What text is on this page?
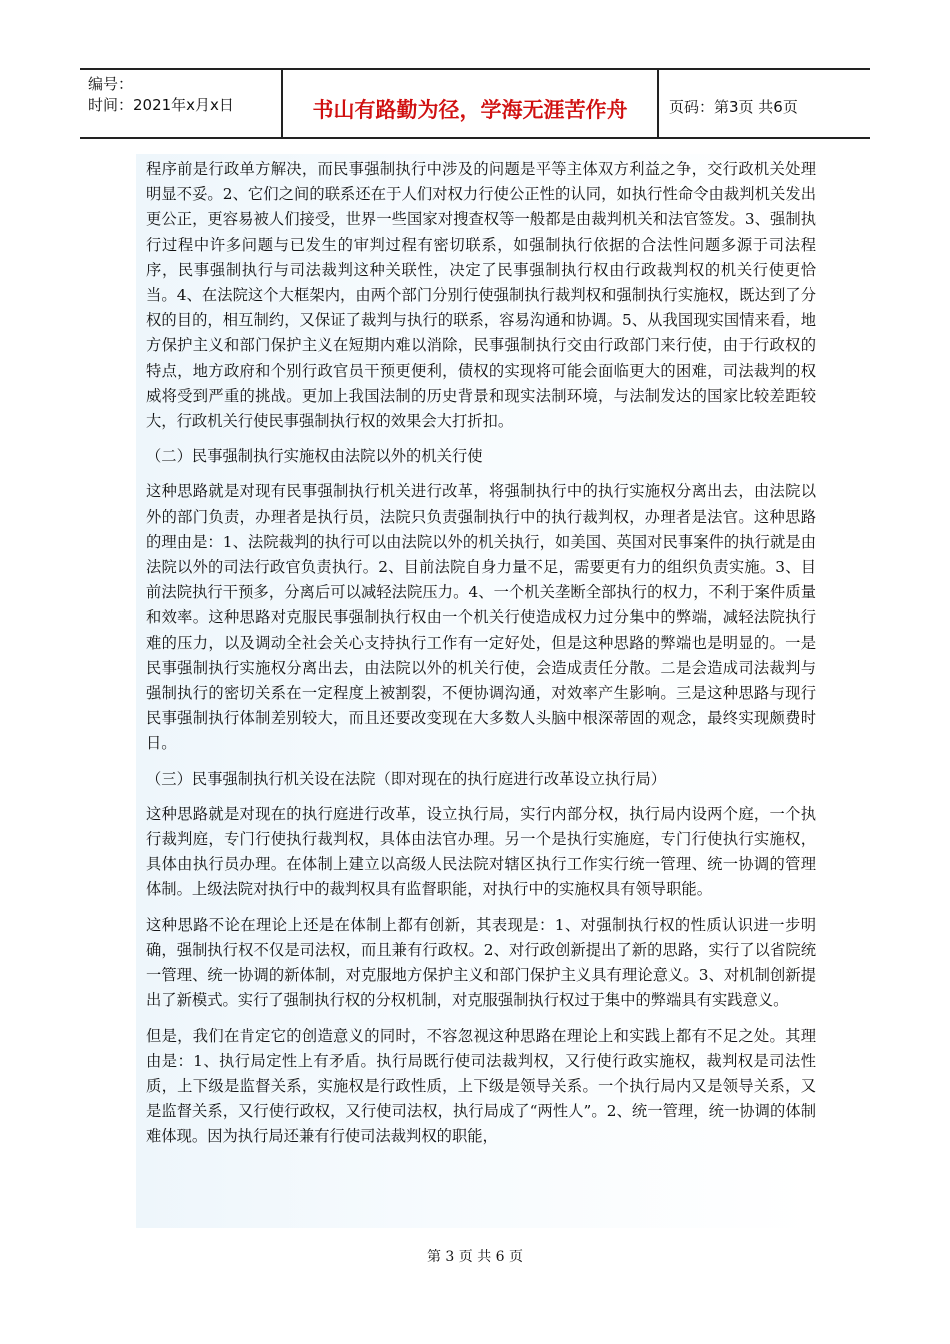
编号：
时间：2021年x月x日	书山有路勤为径，学海无涯苦作舟	页码：第3页 共6页

程序前是行政单方解决，而民事强制执行中涉及的问题是平等主体双方利益之争，交行政机关处理明显不妥。2、它们之间的联系还在于人们对权力行使公正性的认同，如执行性命令由裁判机关发出更公正，更容易被人们接受，世界一些国家对搜查权等一般都是由裁判机关和法官签发。3、强制执行过程中许多问题与已发生的审判过程有密切联系，如强制执行依据的合法性问题多源于司法程序，民事强制执行与司法裁判这种关联性，决定了民事强制执行权由行政裁判权的机关行使更恰当。4、在法院这个大框架内，由两个部门分别行使强制执行裁判权和强制执行实施权，既达到了分权的目的，相互制约，又保证了裁判与执行的联系，容易沟通和协调。5、从我国现实国情来看，地方保护主义和部门保护主义在短期内难以消除，民事强制执行交由行政部门来行使，由于行政权的特点，地方政府和个别行政官员干预更便利，债权的实现将可能会面临更大的困难，司法裁判的权威将受到严重的挑战。更加上我国法制的历史背景和现实法制环境，与法制发达的国家比较差距较大，行政机关行使民事强制执行权的效果会大打折扣。

（二）民事强制执行实施权由法院以外的机关行使

这种思路就是对现有民事强制执行机关进行改革，将强制执行中的执行实施权分离出去，由法院以外的部门负责，办理者是执行员，法院只负责强制执行中的执行裁判权，办理者是法官。这种思路的理由是：1、法院裁判的执行可以由法院以外的机关执行，如美国、英国对民事案件的执行就是由法院以外的司法行政官负责执行。2、目前法院自身力量不足，需要更有力的组织负责实施。3、目前法院执行干预多，分离后可以减轻法院压力。4、一个机关垄断全部执行的权力，不利于案件质量和效率。这种思路对克服民事强制执行权由一个机关行使造成权力过分集中的弊端，减轻法院执行难的压力，以及调动全社会关心支持执行工作有一定好处，但是这种思路的弊端也是明显的。一是民事强制执行实施权分离出去，由法院以外的机关行使，会造成责任分散。二是会造成司法裁判与强制执行的密切关系在一定程度上被割裂，不便协调沟通，对效率产生影响。三是这种思路与现行民事强制执行体制差别较大，而且还要改变现在大多数人头脑中根深蒂固的观念，最终实现颇费时日。

（三）民事强制执行机关设在法院（即对现在的执行庭进行改革设立执行局）

这种思路就是对现在的执行庭进行改革，设立执行局，实行内部分权，执行局内设两个庭，一个执行裁判庭，专门行使执行裁判权，具体由法官办理。另一个是执行实施庭，专门行使执行实施权，具体由执行员办理。在体制上建立以高级人民法院对辖区执行工作实行统一管理、统一协调的管理体制。上级法院对执行中的裁判权具有监督职能，对执行中的实施权具有领导职能。

这种思路不论在理论上还是在体制上都有创新，其表现是：1、对强制执行权的性质认识进一步明确，强制执行权不仅是司法权，而且兼有行政权。2、对行政创新提出了新的思路，实行了以省院统一管理、统一协调的新体制，对克服地方保护主义和部门保护主义具有理论意义。3、对机制创新提出了新模式。实行了强制执行权的分权机制，对克服强制执行权过于集中的弊端具有实践意义。

但是，我们在肯定它的创造意义的同时，不容忽视这种思路在理论上和实践上都有不足之处。其理由是：1、执行局定性上有矛盾。执行局既行使司法裁判权，又行使行政实施权，裁判权是司法性质，上下级是监督关系，实施权是行政性质，上下级是领导关系。一个执行局内又是领导关系，又是监督关系，又行使行政权，又行使司法权，执行局成了“两性人”。2、统一管理，统一协调的体制难体现。因为执行局还兼有行使司法裁判权的职能，

第 3 页 共 6 页
